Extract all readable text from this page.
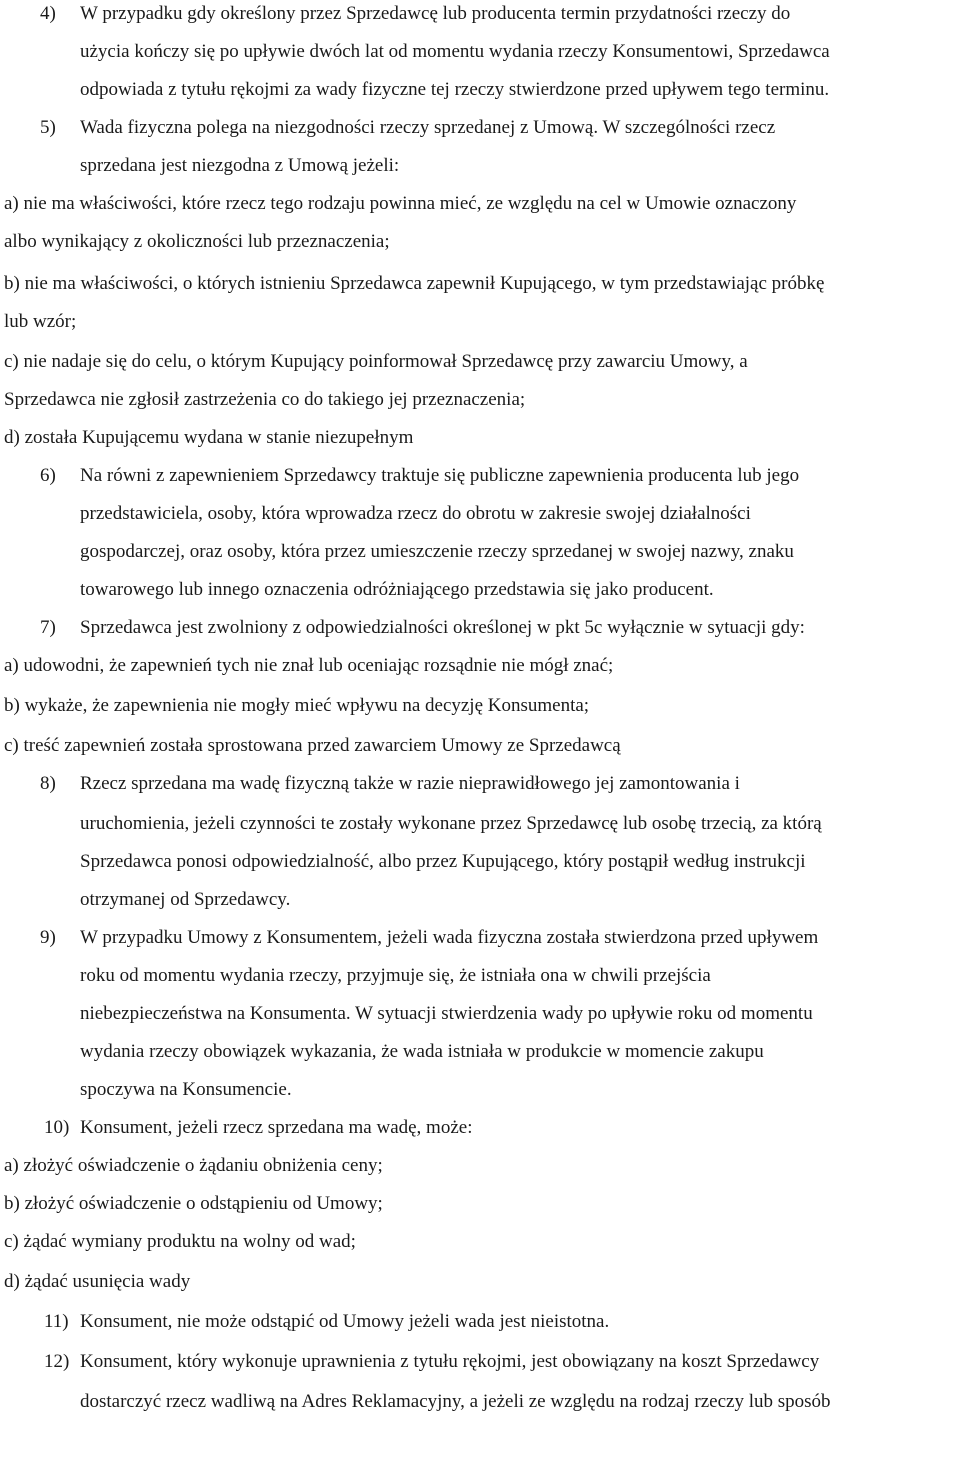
4) W przypadku gdy określony przez Sprzedawcę lub producenta termin przydatności rzeczy do
użycia kończy się po upływie dwóch lat od momentu wydania rzeczy Konsumentowi, Sprzedawca
odpowiada z tytułu rękojmi za wady fizyczne tej rzeczy stwierdzone przed upływem tego terminu.
5) Wada fizyczna polega na niezgodności rzeczy sprzedanej z Umową. W szczególności rzecz
sprzedana jest niezgodna z Umową jeżeli:
a) nie ma właściwości, które rzecz tego rodzaju powinna mieć, ze względu na cel w Umowie oznaczony
albo wynikający z okoliczności lub przeznaczenia;
b) nie ma właściwości, o których istnieniu Sprzedawca zapewnił Kupującego, w tym przedstawiając próbkę
lub wzór;
c) nie nadaje się do celu, o którym Kupujący poinformował Sprzedawcę przy zawarciu Umowy, a
Sprzedawca nie zgłosił zastrzeżenia co do takiego jej przeznaczenia;
d) została Kupującemu wydana w stanie niezupełnym
6) Na równi z zapewnieniem Sprzedawcy traktuje się publiczne zapewnienia producenta lub jego
przedstawiciela, osoby, która wprowadza rzecz do obrotu w zakresie swojej działalności
gospodarczej, oraz osoby, która przez umieszczenie rzeczy sprzedanej w swojej nazwy, znaku
towarowego lub innego oznaczenia odróżniającego przedstawia się jako producent.
7) Sprzedawca jest zwolniony z odpowiedzialności określonej w pkt 5c wyłącznie w sytuacji gdy:
a) udowodni, że zapewnień tych nie znał lub oceniając rozsądnie nie mógł znać;
b) wykaże, że zapewnienia nie mogły mieć wpływu na decyzję Konsumenta;
c) treść zapewnień została sprostowana przed zawarciem Umowy ze Sprzedawcą
8) Rzecz sprzedana ma wadę fizyczną także w razie nieprawidłowego jej zamontowania i
uruchomienia, jeżeli czynności te zostały wykonane przez Sprzedawcę lub osobę trzecią, za którą
Sprzedawca ponosi odpowiedzialność, albo przez Kupującego, który postąpił według instrukcji
otrzymanej od Sprzedawcy.
9) W przypadku Umowy z Konsumentem, jeżeli wada fizyczna została stwierdzona przed upływem
roku od momentu wydania rzeczy, przyjmuje się, że istniała ona w chwili przejścia
niebezpieczeństwa na Konsumenta. W sytuacji stwierdzenia wady po upływie roku od momentu
wydania rzeczy obowiązek wykazania, że wada istniała w produkcie w momencie zakupu
spoczywa na Konsumencie.
10) Konsument, jeżeli rzecz sprzedana ma wadę, może:
a) złożyć oświadczenie o żądaniu obniżenia ceny;
b) złożyć oświadczenie o odstąpieniu od Umowy;
c) żądać wymiany produktu na wolny od wad;
d) żądać usunięcia wady
11) Konsument, nie może odstąpić od Umowy jeżeli wada jest nieistotna.
12) Konsument, który wykonuje uprawnienia z tytułu rękojmi, jest obowiązany na koszt Sprzedawcy
dostarczyć rzecz wadliwą na Adres Reklamacyjny, a jeżeli ze względu na rodzaj rzeczy lub sposób
